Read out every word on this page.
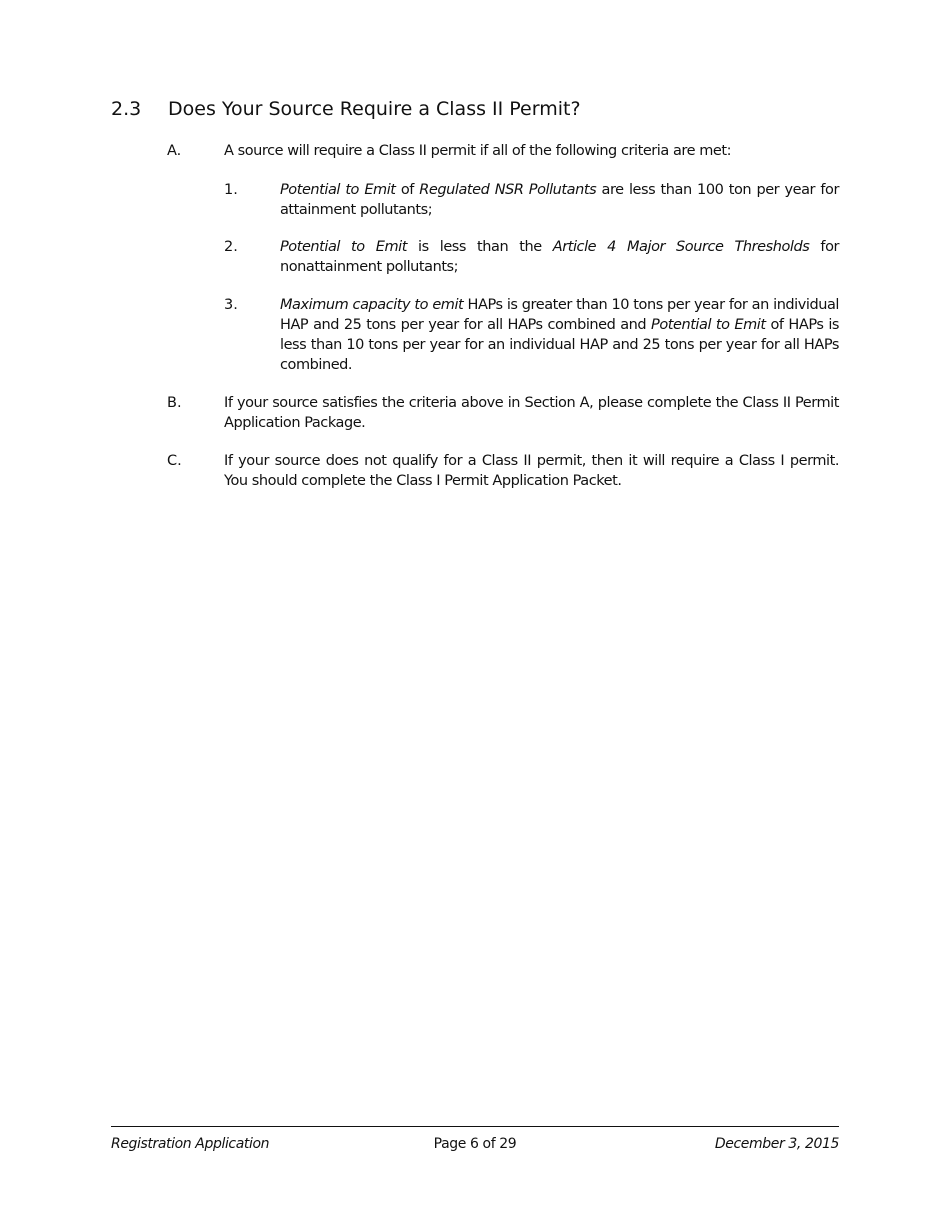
2.3 Does Your Source Require a Class II Permit?
A.	A source will require a Class II permit if all of the following criteria are met:
1.	Potential to Emit of Regulated NSR Pollutants are less than 100 ton per year for attainment pollutants;
2.	Potential to Emit is less than the Article 4 Major Source Thresholds for nonattainment pollutants;
3.	Maximum capacity to emit HAPs is greater than 10 tons per year for an individual HAP and 25 tons per year for all HAPs combined and Potential to Emit of HAPs is less than 10 tons per year for an individual HAP and 25 tons per year for all HAPs combined.
B.	If your source satisfies the criteria above in Section A, please complete the Class II Permit Application Package.
C.	If your source does not qualify for a Class II permit, then it will require a Class I permit. You should complete the Class I Permit Application Packet.
Registration Application	Page 6 of 29	December 3, 2015
